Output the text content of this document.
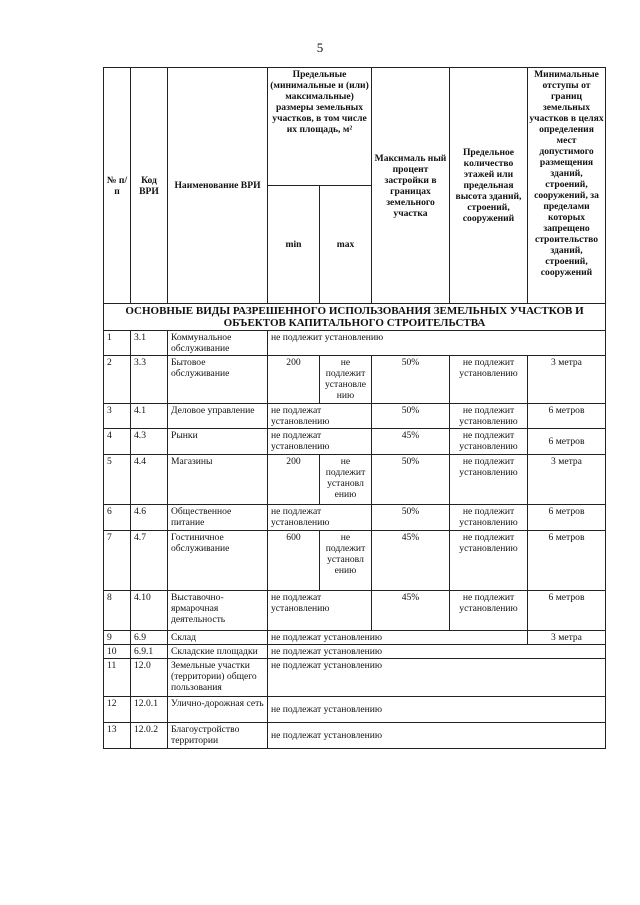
5
№ п/ п	Код ВРИ	Наименование ВРИ	Предельные (минимальные и (или) максимальные) размеры земельных участков, в том числе их площадь, м²		Максималь ный процент застройки в границах земельного участка	Предельное количество этажей или предельная высота зданий, строений, сооружений	Минимальные отступы от границ земельных участков в целях определения мест допустимого размещения зданий, строений, сооружений, за пределами которых запрещено строительство зданий, строений, сооружений
			min	max			
ОСНОВНЫЕ ВИДЫ РАЗРЕШЕННОГО ИСПОЛЬЗОВАНИЯ ЗЕМЕЛЬНЫХ УЧАСТКОВ И ОБЪЕКТОВ КАПИТАЛЬНОГО СТРОИТЕЛЬСТВА							
1	3.1	Коммунальное обслуживание	не подлежит установлению				
2	3.3	Бытовое обслуживание	200	не подлежит установле нию	50%	не подлежит установлению	3 метра
3	4.1	Деловое управление	не подлежат установлению		50%	не подлежит установлению	6 метров
4	4.3	Рынки	не подлежат установлению		45%	не подлежит установлению	6 метров
5	4.4	Магазины	200	не подлежит установл ению	50%	не подлежит установлению	3 метра
6	4.6	Общественное питание	не подлежат установлению		50%	не подлежит установлению	6 метров
7	4.7	Гостиничное обслуживание	600	не подлежит установл ению	45%	не подлежит установлению	6 метров
8	4.10	Выставочно-ярмарочная деятельность	не подлежат установлению		45%	не подлежит установлению	6 метров
9	6.9	Склад	не подлежат установлению				3 метра
10	6.9.1	Складские площадки	не подлежат установлению				
11	12.0	Земельные участки (территории) общего пользования	не подлежат установлению				
12	12.0.1	Улично-дорожная сеть	не подлежат установлению				
13	12.0.2	Благоустройство территории	не подлежат установлению				
